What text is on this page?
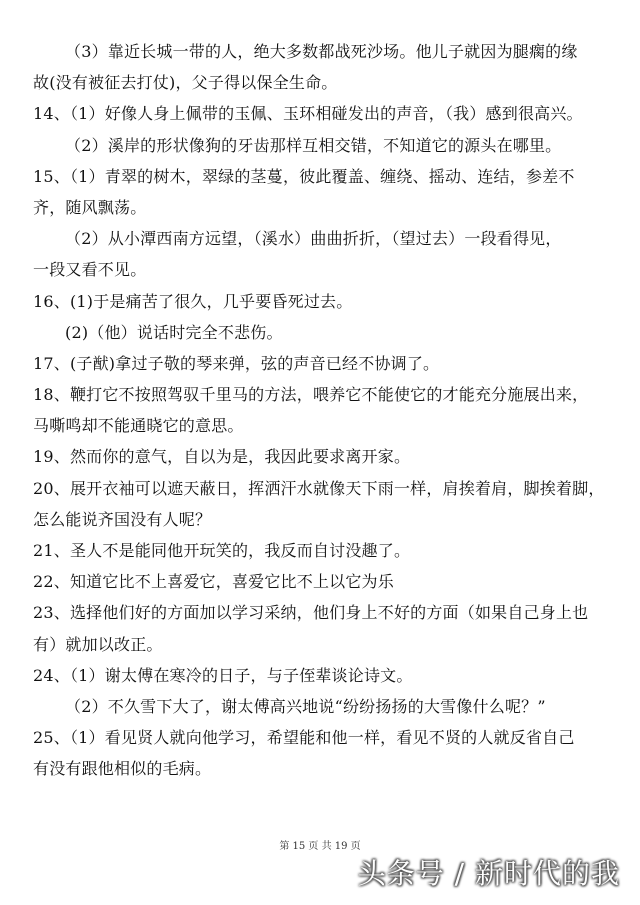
（3）靠近长城一带的人，绝大多数都战死沙场。他儿子就因为腿瘸的缘
故(没有被征去打仗)，父子得以保全生命。
14、（1）好像人身上佩带的玉佩、玉环相碰发出的声音，（我）感到很高兴。
（2）溪岸的形状像狗的牙齿那样互相交错，不知道它的源头在哪里。
15、（1）青翠的树木，翠绿的茎蔓，彼此覆盖、缠绕、摇动、连结，参差不
齐，随风飘荡。
（2）从小潭西南方远望，（溪水）曲曲折折，（望过去）一段看得见，
一段又看不见。
16、(1)于是痛苦了很久，几乎要昏死过去。
(2)（他）说话时完全不悲伤。
17、(子猷)拿过子敬的琴来弹，弦的声音已经不协调了。
18、鞭打它不按照驾驭千里马的方法，喂养它不能使它的才能充分施展出来，
马嘶鸣却不能通晓它的意思。
19、然而你的意气，自以为是，我因此要求离开家。
20、展开衣袖可以遮天蔽日，挥洒汗水就像天下雨一样，肩挨着肩，脚挨着脚，
怎么能说齐国没有人呢？
21、圣人不是能同他开玩笑的，我反而自讨没趣了。
22、知道它比不上喜爱它，喜爱它比不上以它为乐
23、选择他们好的方面加以学习采纳，他们身上不好的方面（如果自己身上也
有）就加以改正。
24、（1）谢太傅在寒冷的日子，与子侄辈谈论诗文。
（2）不久雪下大了，谢太傅高兴地说“纷纷扬扬的大雪像什么呢？”
25、（1）看见贤人就向他学习，希望能和他一样，看见不贤的人就反省自己
有没有跟他相似的毛病。
第 15 页 共 19 页
头条号 / 新时代的我
